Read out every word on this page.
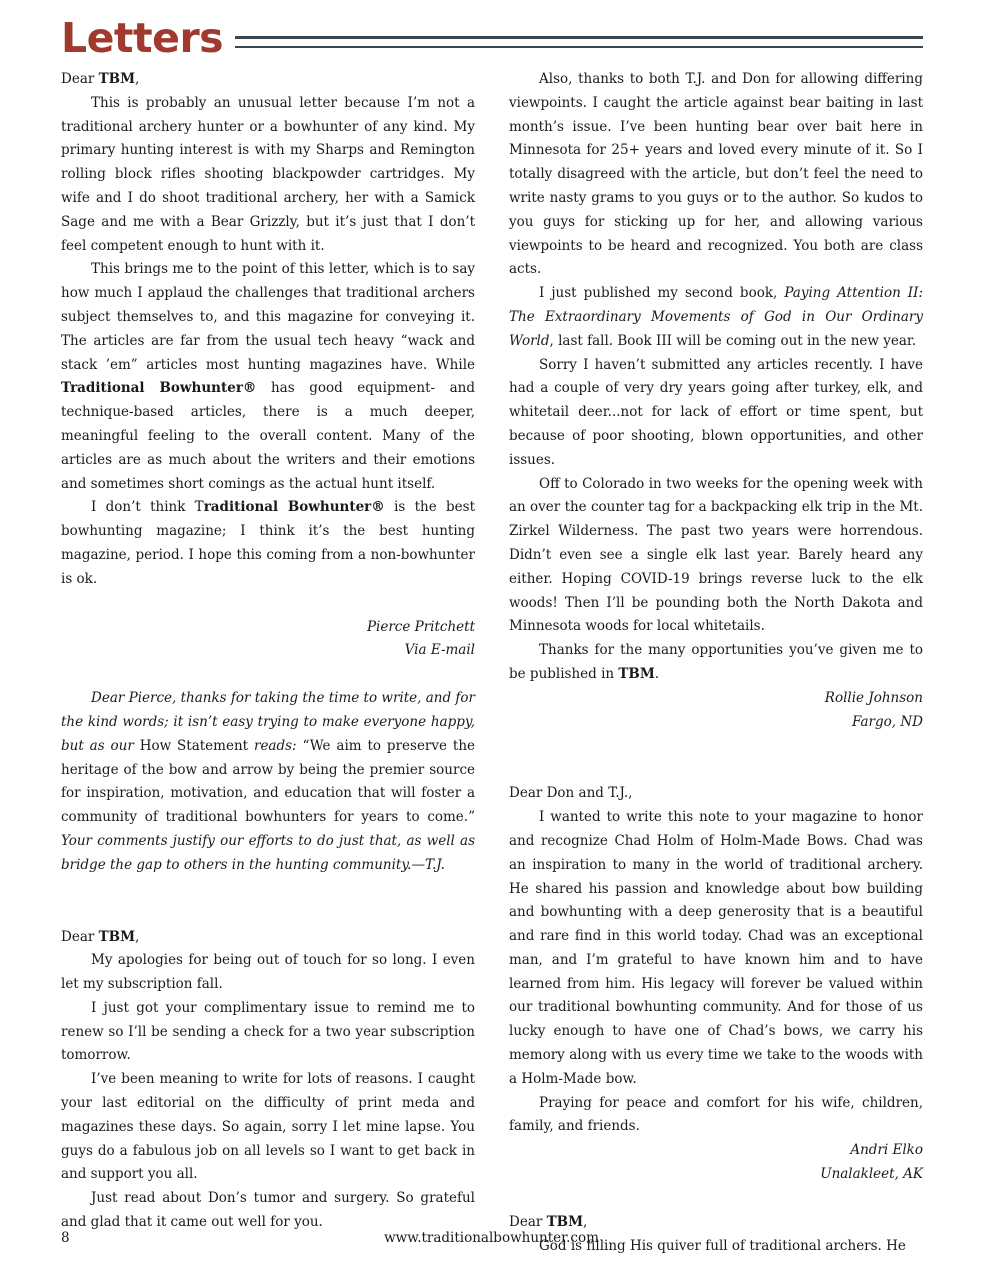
Letters

Dear TBM,

This is probably an unusual letter because I’m not a traditional archery hunter or a bowhunter of any kind. My primary hunting interest is with my Sharps and Remington rolling block rifles shooting blackpowder cartridges. My wife and I do shoot traditional archery, her with a Samick Sage and me with a Bear Grizzly, but it’s just that I don’t feel competent enough to hunt with it.

This brings me to the point of this letter, which is to say how much I applaud the challenges that traditional archers subject themselves to, and this magazine for conveying it. The articles are far from the usual tech heavy “wack and stack ’em” articles most hunting magazines have. While Traditional Bowhunter® has good equipment- and technique-based articles, there is a much deeper, meaningful feeling to the overall content. Many of the articles are as much about the writers and their emotions and sometimes short comings as the actual hunt itself.

I don’t think Traditional Bowhunter® is the best bowhunting magazine; I think it’s the best hunting magazine, period. I hope this coming from a non-bowhunter is ok.

Pierce Pritchett

Via E-mail

Dear Pierce, thanks for taking the time to write, and for the kind words; it isn’t easy trying to make everyone happy, but as our How Statement reads: “We aim to preserve the heritage of the bow and arrow by being the premier source for inspiration, motivation, and education that will foster a community of traditional bowhunters for years to come.” Your comments justify our efforts to do just that, as well as bridge the gap to others in the hunting community.—T.J.

Dear TBM,

My apologies for being out of touch for so long. I even let my subscription fall.

I just got your complimentary issue to remind me to renew so I’ll be sending a check for a two year subscription tomorrow.

I’ve been meaning to write for lots of reasons. I caught your last editorial on the difficulty of print meda and magazines these days. So again, sorry I let mine lapse. You guys do a fabulous job on all levels so I want to get back in and support you all.

Just read about Don’s tumor and surgery. So grateful and glad that it came out well for you.

Also, thanks to both T.J. and Don for allowing differing viewpoints. I caught the article against bear baiting in last month’s issue. I’ve been hunting bear over bait here in Minnesota for 25+ years and loved every minute of it. So I totally disagreed with the article, but don’t feel the need to write nasty grams to you guys or to the author. So kudos to you guys for sticking up for her, and allowing various viewpoints to be heard and recognized. You both are class acts.

I just published my second book, Paying Attention II: The Extraordinary Movements of God in Our Ordinary World, last fall. Book III will be coming out in the new year.

Sorry I haven’t submitted any articles recently. I have had a couple of very dry years going after turkey, elk, and whitetail deer...not for lack of effort or time spent, but because of poor shooting, blown opportunities, and other issues.

Off to Colorado in two weeks for the opening week with an over the counter tag for a backpacking elk trip in the Mt. Zirkel Wilderness. The past two years were horrendous. Didn’t even see a single elk last year. Barely heard any either. Hoping COVID-19 brings reverse luck to the elk woods! Then I’ll be pounding both the North Dakota and Minnesota woods for local whitetails.

Thanks for the many opportunities you’ve given me to be published in TBM.

Rollie Johnson

Fargo, ND

Dear Don and T.J.,

I wanted to write this note to your magazine to honor and recognize Chad Holm of Holm-Made Bows. Chad was an inspiration to many in the world of traditional archery. He shared his passion and knowledge about bow building and bowhunting with a deep generosity that is a beautiful and rare find in this world today. Chad was an exceptional man, and I’m grateful to have known him and to have learned from him. His legacy will forever be valued within our traditional bowhunting community. And for those of us lucky enough to have one of Chad’s bows, we carry his memory along with us every time we take to the woods with a Holm-Made bow.

Praying for peace and comfort for his wife, children, family, and friends.

Andri Elko

Unalakleet, AK

Dear TBM,

God is filling His quiver full of traditional archers. He

8	www.traditionalbowhunter.com
